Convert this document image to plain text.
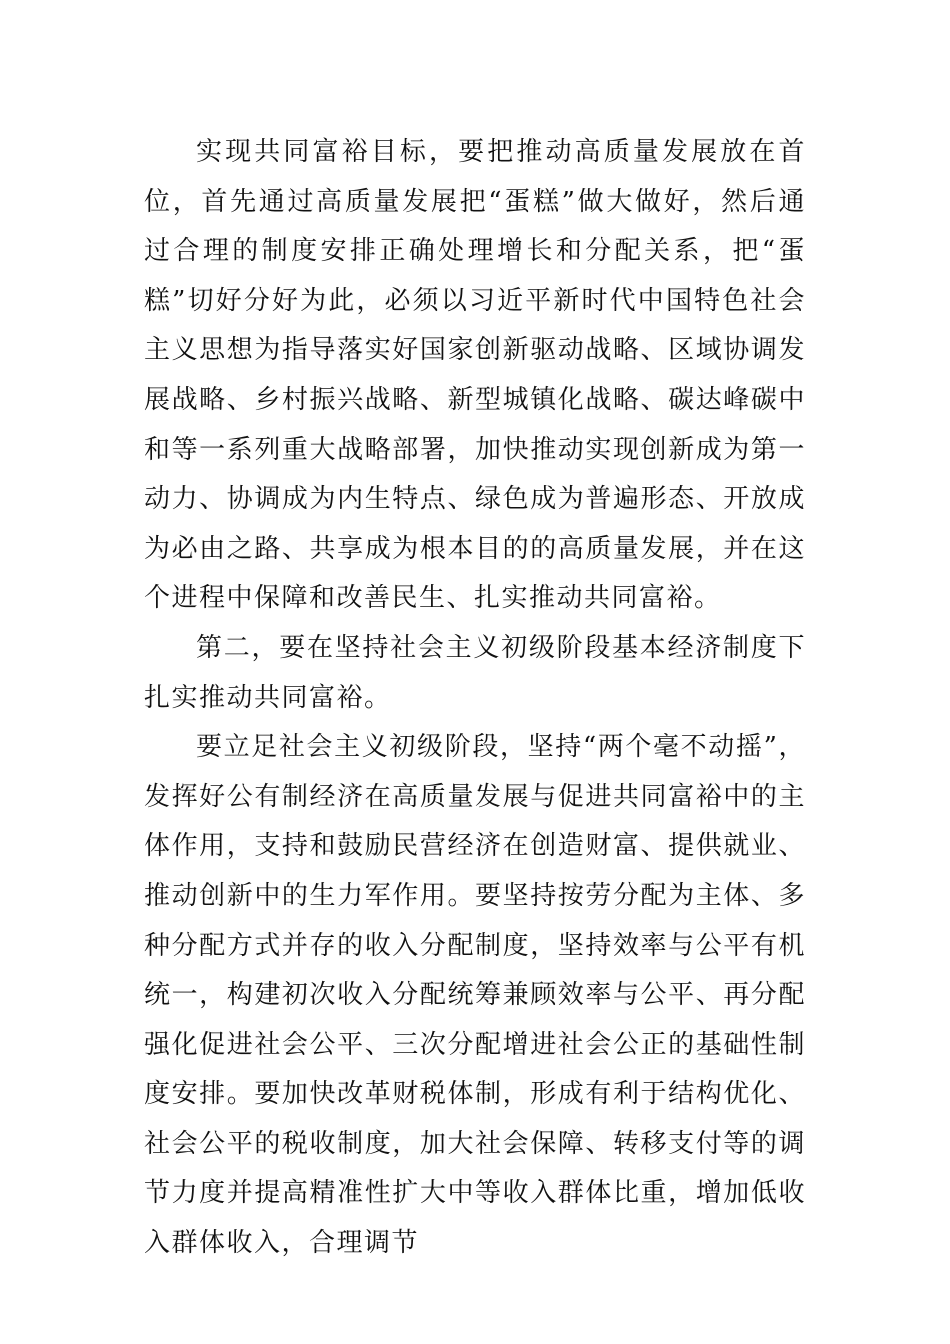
实现共同富裕目标，要把推动高质量发展放在首位，首先通过高质量发展把“蛋糕”做大做好，然后通过合理的制度安排正确处理增长和分配关系，把“蛋糕”切好分好为此，必须以习近平新时代中国特色社会主义思想为指导落实好国家创新驱动战略、区域协调发展战略、乡村振兴战略、新型城镇化战略、碳达峰碳中和等一系列重大战略部署，加快推动实现创新成为第一动力、协调成为内生特点、绿色成为普遍形态、开放成为必由之路、共享成为根本目的的高质量发展，并在这个进程中保障和改善民生、扎实推动共同富裕。

第二，要在坚持社会主义初级阶段基本经济制度下扎实推动共同富裕。

要立足社会主义初级阶段，坚持“两个毫不动摇”，发挥好公有制经济在高质量发展与促进共同富裕中的主体作用，支持和鼓励民营经济在创造财富、提供就业、推动创新中的生力军作用。要坚持按劳分配为主体、多种分配方式并存的收入分配制度，坚持效率与公平有机统一，构建初次收入分配统筹兼顾效率与公平、再分配强化促进社会公平、三次分配增进社会公正的基础性制度安排。要加快改革财税体制，形成有利于结构优化、社会公平的税收制度，加大社会保障、转移支付等的调节力度并提高精准性扩大中等收入群体比重，增加低收入群体收入，合理调节
